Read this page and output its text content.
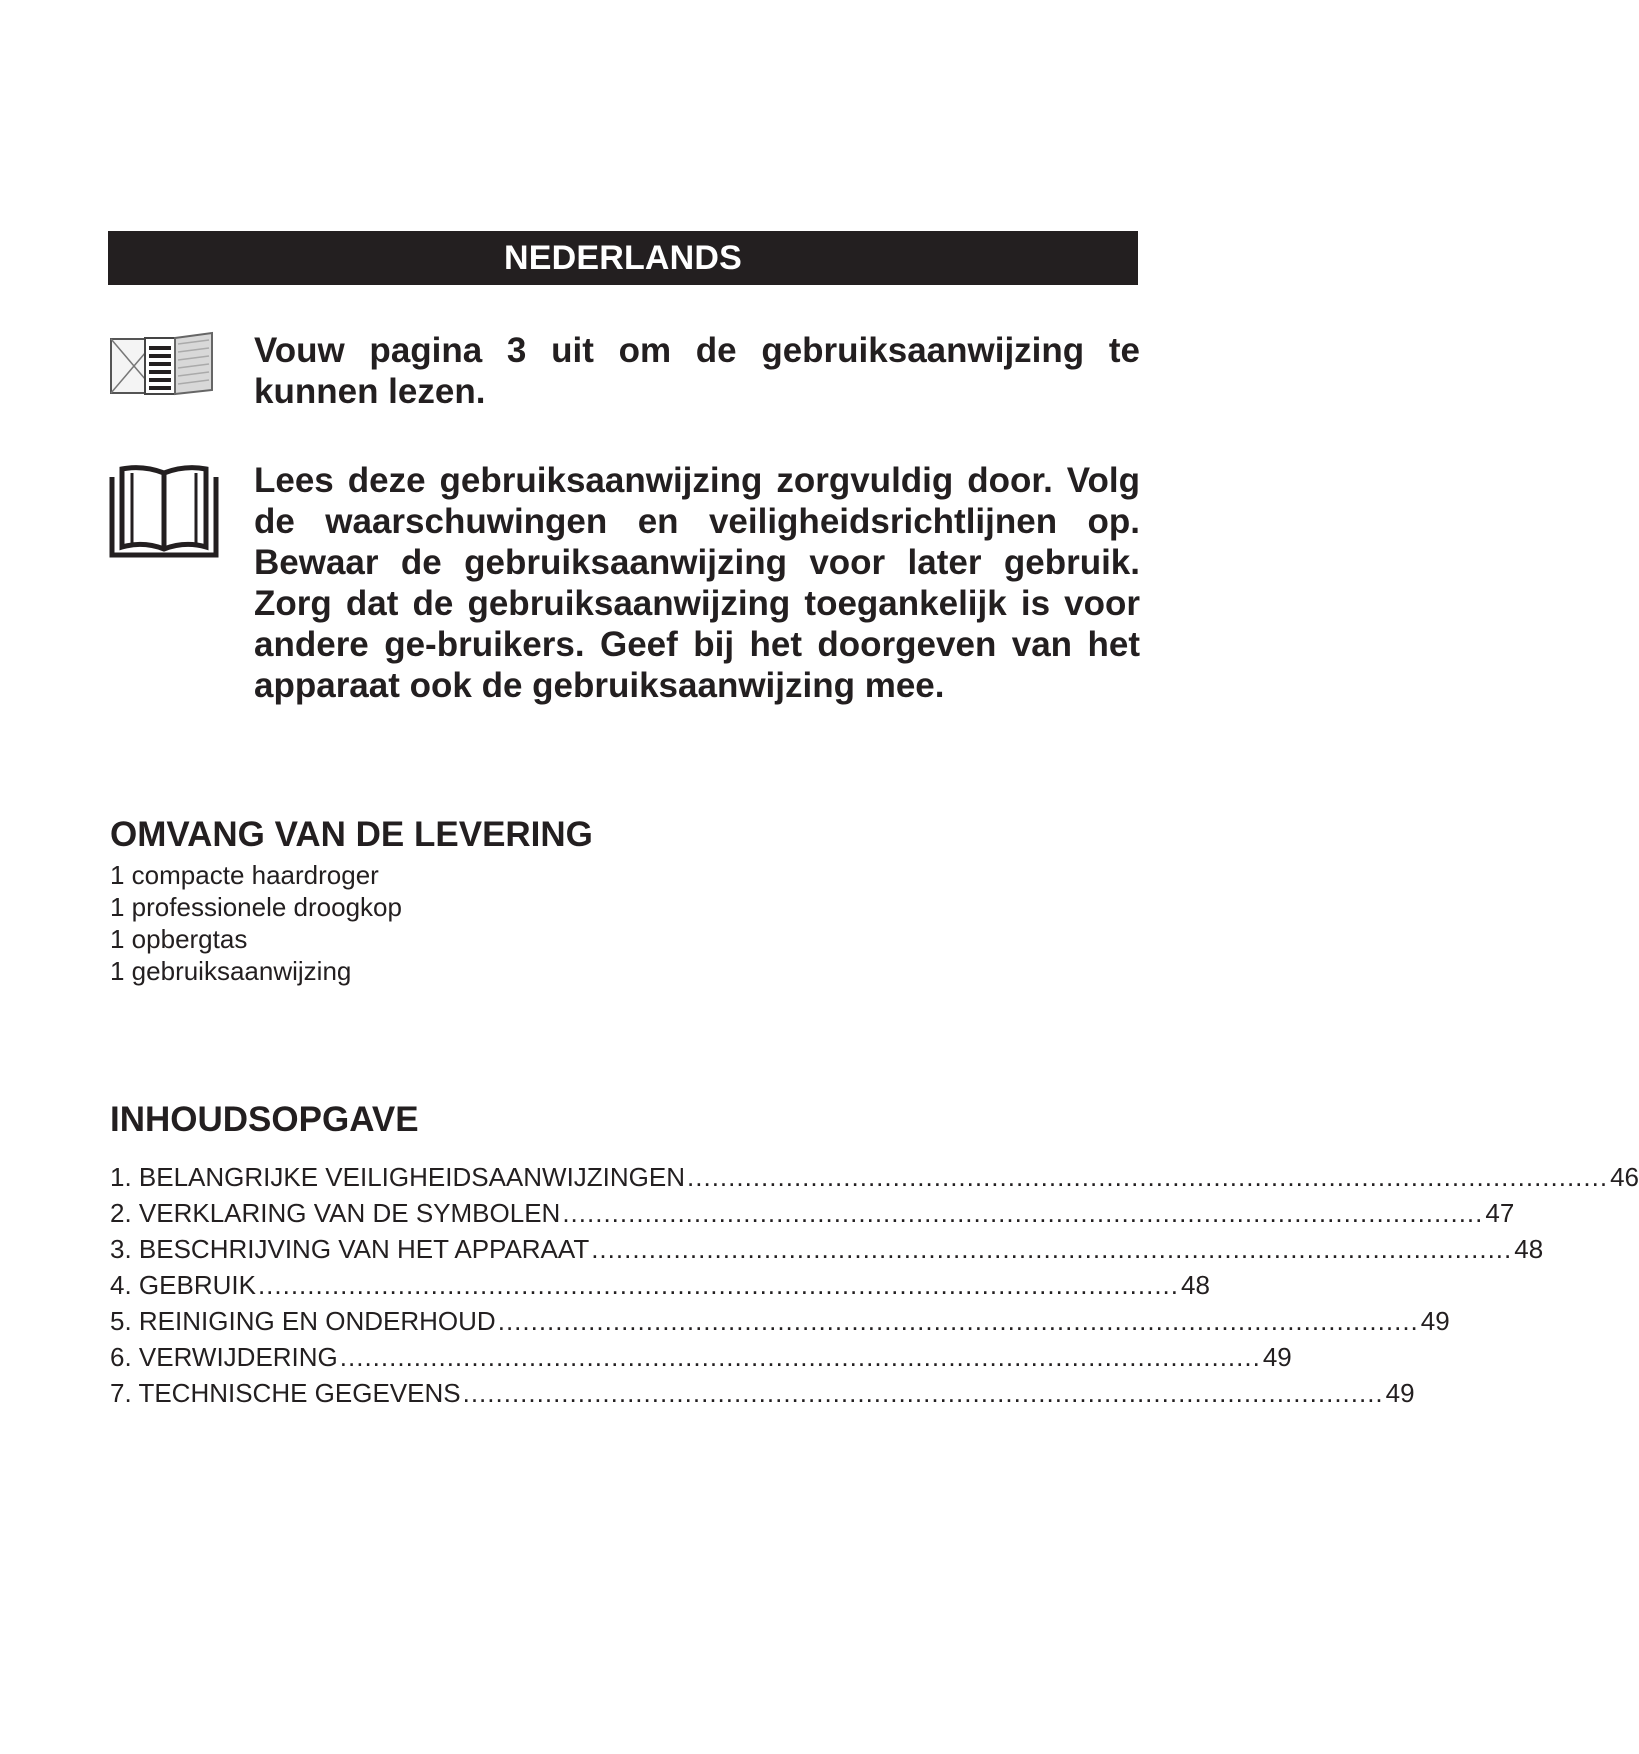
NEDERLANDS
Vouw pagina 3 uit om de gebruiksaanwijzing te kunnen lezen.
Lees deze gebruiksaanwijzing zorgvuldig door. Volg de waarschuwingen en veiligheidsrichtlijnen op. Bewaar de gebruiksaanwijzing voor later gebruik. Zorg dat de gebruiksaanwijzing toegankelijk is voor andere ge-bruikers. Geef bij het doorgeven van het apparaat ook de gebruiksaanwijzing mee.
OMVANG VAN DE LEVERING
1 compacte haardroger
1 professionele droogkop
1 opbergtas
1 gebruiksaanwijzing
INHOUDSOPGAVE
1. BELANGRIJKE VEILIGHEIDSAANWIJZINGEN ................................................................................................................ 46
2. VERKLARING VAN DE SYMBOLEN ................................................................................................................ 47
3. BESCHRIJVING VAN HET APPARAAT ................................................................................................................ 48
4. GEBRUIK ................................................................................................................ 48
5. REINIGING EN ONDERHOUD ................................................................................................................ 49
6. VERWIJDERING ................................................................................................................ 49
7. TECHNISCHE GEGEVENS ................................................................................................................ 49
